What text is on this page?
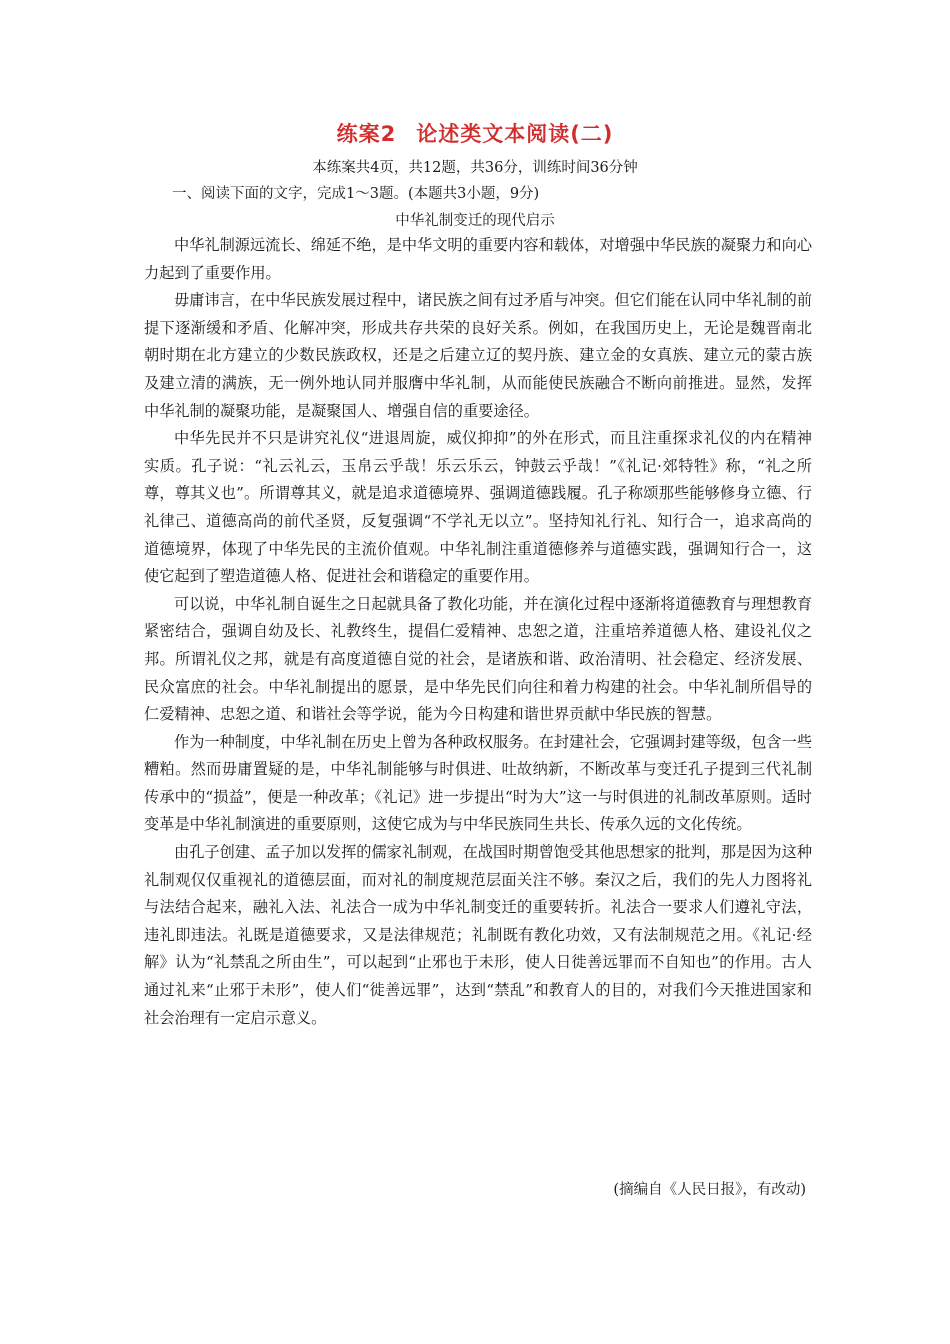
练案2 论述类文本阅读(二)
本练案共4页，共12题，共36分，训练时间36分钟
一、阅读下面的文字，完成1～3题。(本题共3小题，9分)
中华礼制变迁的现代启示

中华礼制源远流长、绵延不绝，是中华文明的重要内容和载体，对增强中华民族的凝聚力和向心力起到了重要作用。

毋庸讳言，在中华民族发展过程中，诸民族之间有过矛盾与冲突。但它们能在认同中华礼制的前提下逐渐缓和矛盾、化解冲突，形成共存共荣的良好关系。例如，在我国历史上，无论是魏晋南北朝时期在北方建立的少数民族政权，还是之后建立辽的契丹族、建立金的女真族、建立元的蒙古族及建立清的满族，无一例外地认同并服膺中华礼制，从而能使民族融合不断向前推进。显然，发挥中华礼制的凝聚功能，是凝聚国人、增强自信的重要途径。

中华先民并不只是讲究礼仪“进退周旋，威仪抑抑”的外在形式，而且注重探求礼仪的内在精神实质。孔子说：“礼云礼云，玉帛云乎哉！乐云乐云，钟鼓云乎哉！”《礼记·郊特牲》称，“礼之所尊，尊其义也”。所谓尊其义，就是追求道德境界、强调道德践履。孔子称颂那些能够修身立德、行礼律己、道德高尚的前代圣贤，反复强调“不学礼无以立”。坚持知礼行礼、知行合一，追求高尚的道德境界，体现了中华先民的主流价值观。中华礼制注重道德修养与道德实践，强调知行合一，这使它起到了塑造道德人格、促进社会和谐稳定的重要作用。

可以说，中华礼制自诞生之日起就具备了教化功能，并在演化过程中逐渐将道德教育与理想教育紧密结合，强调自幼及长、礼教终生，提倡仁爱精神、忠恕之道，注重培养道德人格、建设礼仪之邦。所谓礼仪之邦，就是有高度道德自觉的社会，是诸族和谐、政治清明、社会稳定、经济发展、民众富庶的社会。中华礼制提出的愿景，是中华先民们向往和着力构建的社会。中华礼制所倡导的仁爱精神、忠恕之道、和谐社会等学说，能为今日构建和谐世界贡献中华民族的智慧。

作为一种制度，中华礼制在历史上曾为各种政权服务。在封建社会，它强调封建等级，包含一些糟粕。然而毋庸置疑的是，中华礼制能够与时俱进、吐故纳新，不断改革与变迁孔子提到三代礼制传承中的“损益”，便是一种改革；《礼记》进一步提出“时为大”这一与时俱进的礼制改革原则。适时变革是中华礼制演进的重要原则，这使它成为与中华民族同生共长、传承久远的文化传统。

由孔子创建、孟子加以发挥的儒家礼制观，在战国时期曾饱受其他思想家的批判，那是因为这种礼制观仅仅重视礼的道德层面，而对礼的制度规范层面关注不够。秦汉之后，我们的先人力图将礼与法结合起来，融礼入法、礼法合一成为中华礼制变迁的重要转折。礼法合一要求人们遵礼守法，违礼即违法。礼既是道德要求，又是法律规范；礼制既有教化功效，又有法制规范之用。《礼记·经解》认为“礼禁乱之所由生”，可以起到“止邪也于未形，使人日徙善远罪而不自知也”的作用。古人通过礼来“止邪于未形”，使人们“徙善远罪”，达到“禁乱”和教育人的目的，对我们今天推进国家和社会治理有一定启示意义。

(摘编自《人民日报》，有改动)
